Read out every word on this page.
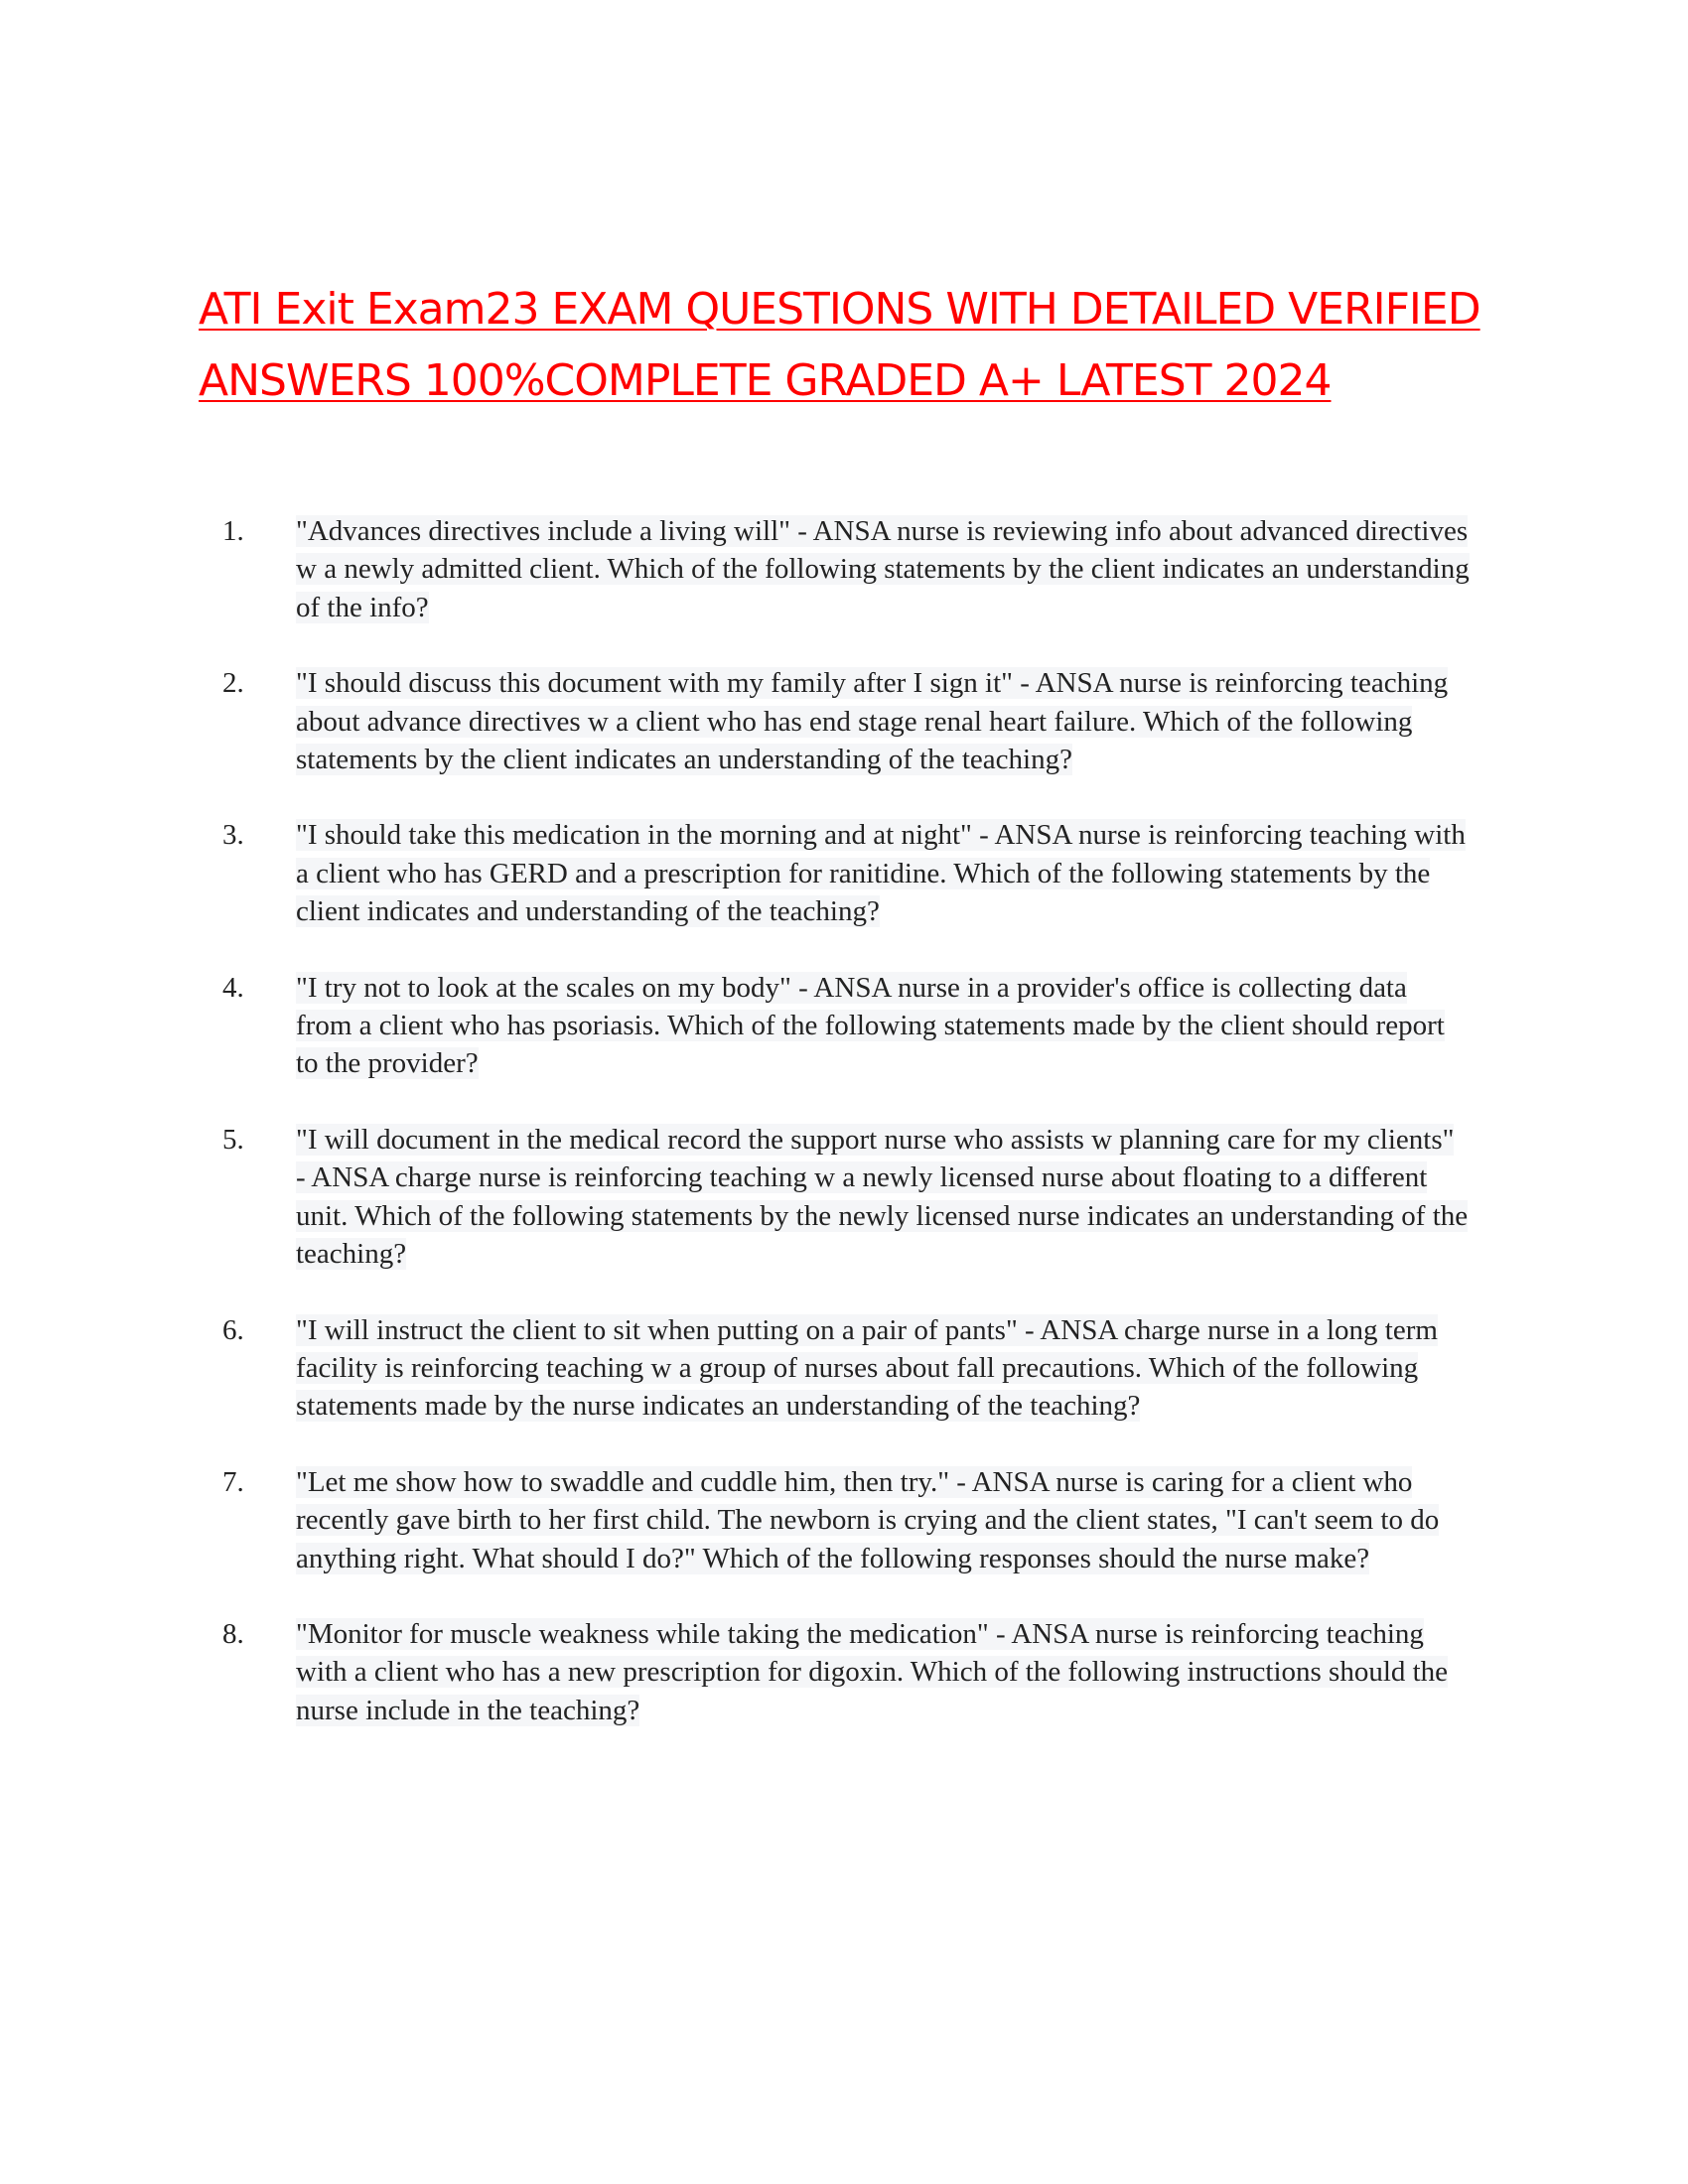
ATI Exit Exam23 EXAM QUESTIONS WITH DETAILED VERIFIED ANSWERS 100%COMPLETE GRADED A+ LATEST 2024
1.	"Advances directives include a living will" - ANSA nurse is reviewing info about advanced directives w a newly admitted client. Which of the following statements by the client indicates an understanding of the info?
2.	"I should discuss this document with my family after I sign it" - ANSA nurse is reinforcing teaching about advance directives w a client who has end stage renal heart failure. Which of the following statements by the client indicates an understanding of the teaching?
3.	"I should take this medication in the morning and at night" - ANSA nurse is reinforcing teaching with a client who has GERD and a prescription for ranitidine. Which of the following statements by the client indicates and understanding of the teaching?
4.	"I try not to look at the scales on my body" - ANSA nurse in a provider's office is collecting data from a client who has psoriasis. Which of the following statements made by the client should report to the provider?
5.	"I will document in the medical record the support nurse who assists w planning care for my clients" - ANSA charge nurse is reinforcing teaching w a newly licensed nurse about floating to a different unit. Which of the following statements by the newly licensed nurse indicates an understanding of the teaching?
6.	"I will instruct the client to sit when putting on a pair of pants" - ANSA charge nurse in a long term facility is reinforcing teaching w a group of nurses about fall precautions. Which of the following statements made by the nurse indicates an understanding of the teaching?
7.	"Let me show how to swaddle and cuddle him, then try." - ANSA nurse is caring for a client who recently gave birth to her first child. The newborn is crying and the client states, "I can't seem to do anything right. What should I do?" Which of the following responses should the nurse make?
8.	"Monitor for muscle weakness while taking the medication" - ANSA nurse is reinforcing teaching with a client who has a new prescription for digoxin. Which of the following instructions should the nurse include in the teaching?
